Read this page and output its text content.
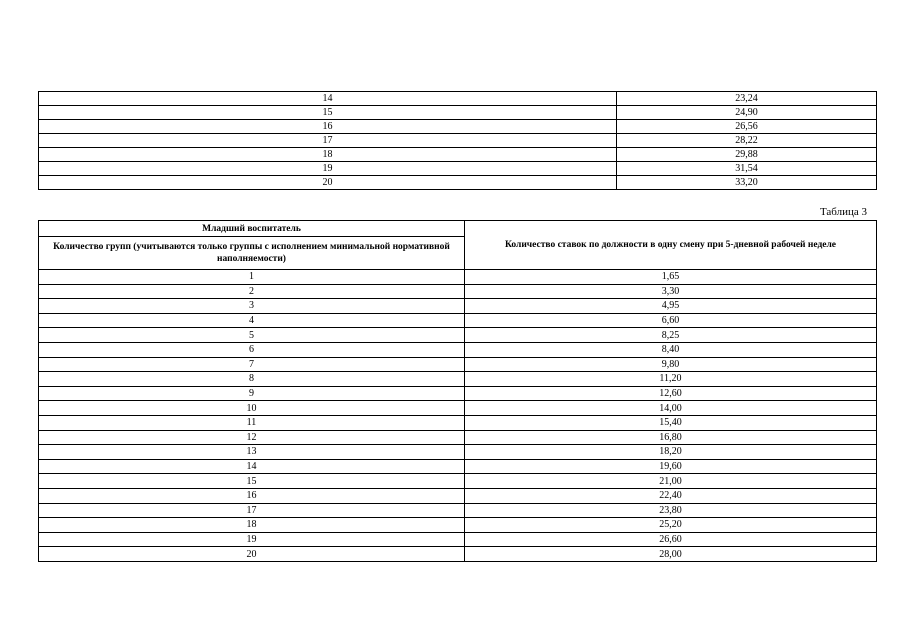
14	23,24
15	24,90
16	26,56
17	28,22
18	29,88
19	31,54
20	33,20
Таблица 3
Младший воспитатель	Количество ставок по должности в одну смену при 5-дневной рабочей неделе
Количество групп (учитываются только группы с исполнением минимальной нормативной наполняемости)	
1	1,65
2	3,30
3	4,95
4	6,60
5	8,25
6	8,40
7	9,80
8	11,20
9	12,60
10	14,00
11	15,40
12	16,80
13	18,20
14	19,60
15	21,00
16	22,40
17	23,80
18	25,20
19	26,60
20	28,00
